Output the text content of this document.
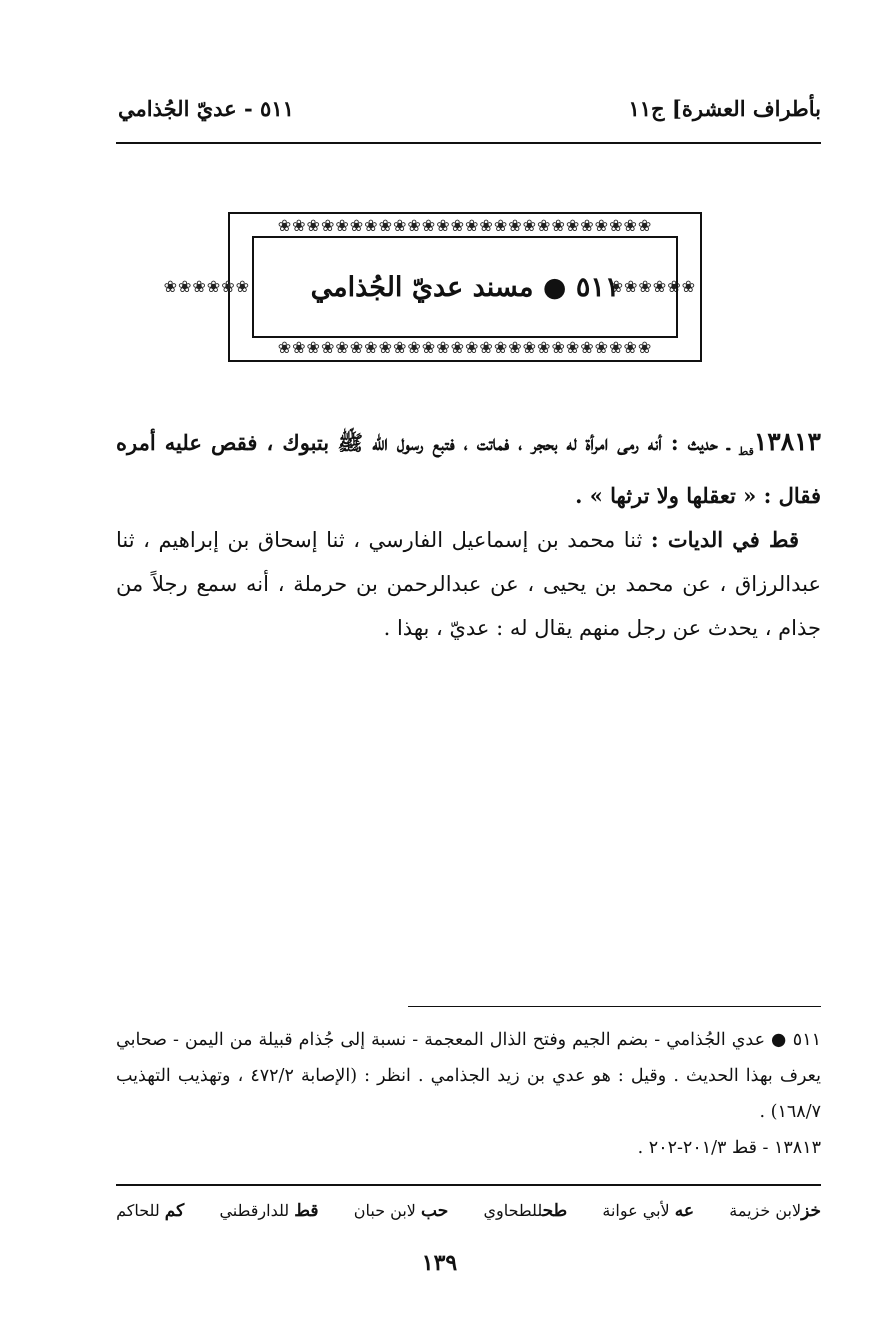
بأطراف العشرة] ج١١
٥١١ - عديّ الجُذامي
❀❀❀❀❀❀❀❀❀❀❀❀❀❀❀❀❀❀❀❀❀❀❀❀❀❀
❀❀❀❀❀❀❀❀❀❀❀❀❀❀❀❀❀❀❀❀❀❀❀❀❀❀
❀❀❀❀❀❀	❀❀❀❀❀❀
٥١١ ● مسند عديّ الجُذامي

$١٣٨١٣_{قط}$ ـ حديث : أنه رمى امرأة له بحجر ، فماتت ، فتبع رسول الله ﷺ بتبوك ، فقص عليه أمره فقال : « تعقلها ولا ترثها » .

قط في الديات : ثنا محمد بن إسماعيل الفارسي ، ثنا إسحاق بن إبراهيم ، ثنا عبدالرزاق ، عن محمد بن يحيى ، عن عبدالرحمن بن حرملة ، أنه سمع رجلاً من جذام ، يحدث عن رجل منهم يقال له : عديّ ، بهذا .

٥١١ ● عدي الجُذامي - بضم الجيم وفتح الذال المعجمة - نسبة إلى جُذام قبيلة من اليمن - صحابي يعرف بهذا الحديث . وقيل : هو عدي بن زيد الجذامي . انظر : (الإصابة ٤٧٢/٢ ، وتهذيب التهذيب ١٦٨/٧) .

١٣٨١٣ - قط ٢٠١/٣-٢٠٢ .

خزلابن خزيمة
عه لأبي عوانة
طحللطحاوي
حب لابن حبان
قط للدارقطني
كم للحاكم
١٣٩
